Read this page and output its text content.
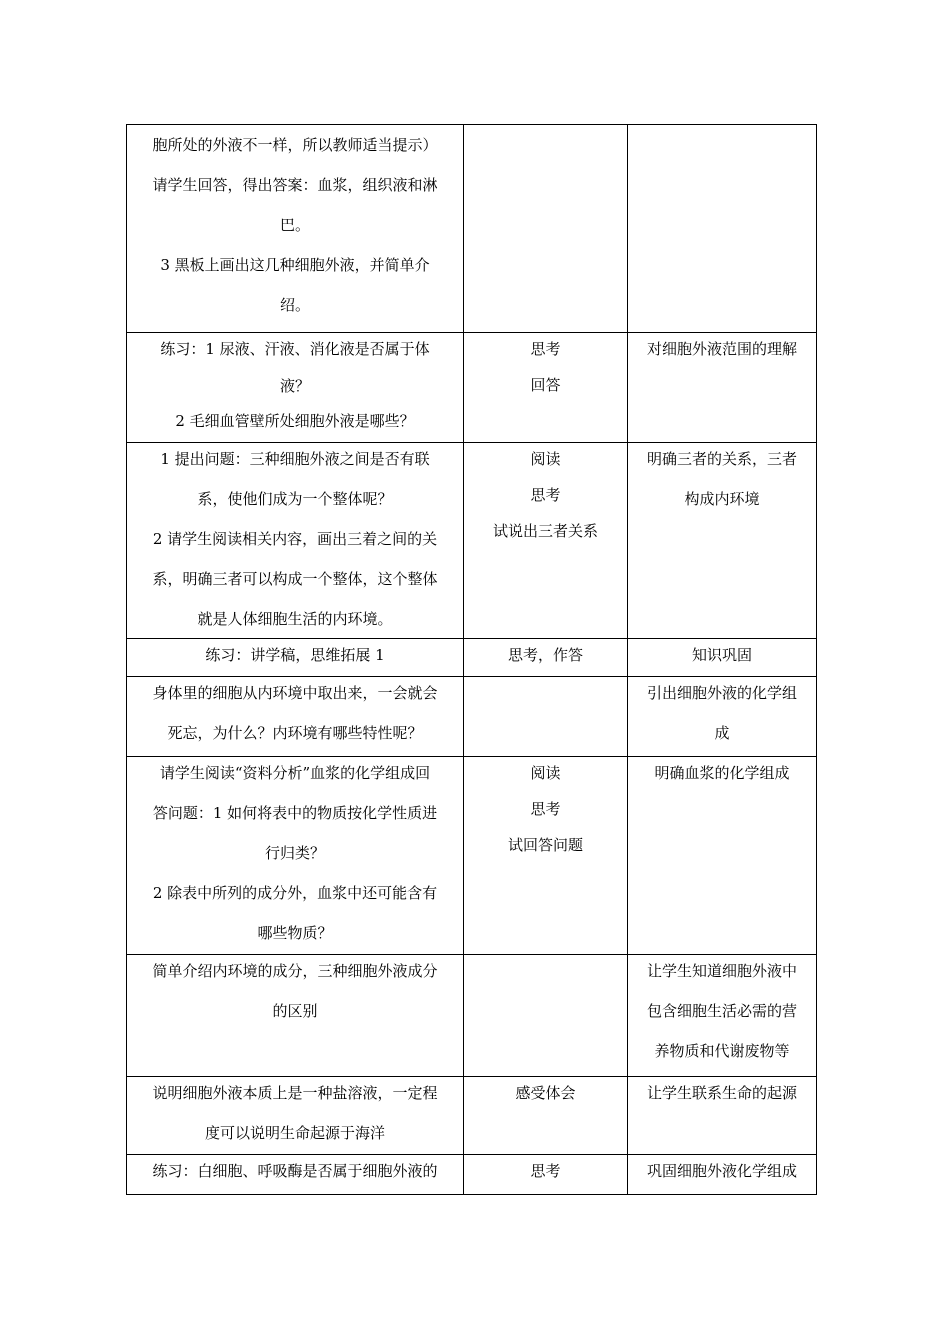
胞所处的外液不一样，所以教师适当提示）
请学生回答，得出答案：血浆，组织液和淋
巴。
3 黑板上画出这几种细胞外液，并简单介
绍。		

练习：1 尿液、汗液、消化液是否属于体
液？
2 毛细血管壁所处细胞外液是哪些？	思考
回答	对细胞外液范围的理解

1 提出问题：三种细胞外液之间是否有联
系，使他们成为一个整体呢？
2 请学生阅读相关内容，画出三着之间的关
系，明确三者可以构成一个整体，这个整体
就是人体细胞生活的内环境。	阅读
思考
试说出三者关系	明确三者的关系，三者
构成内环境

练习：讲学稿，思维拓展 1	思考，作答	知识巩固

身体里的细胞从内环境中取出来，一会就会
死忘，为什么？内环境有哪些特性呢？		引出细胞外液的化学组
成

请学生阅读“资料分析”血浆的化学组成回
答问题：1 如何将表中的物质按化学性质进
行归类？
2 除表中所列的成分外，血浆中还可能含有
哪些物质？	阅读
思考
试回答问题	明确血浆的化学组成

简单介绍内环境的成分，三种细胞外液成分
的区别		让学生知道细胞外液中
包含细胞生活必需的营
养物质和代谢废物等

说明细胞外液本质上是一种盐溶液，一定程
度可以说明生命起源于海洋	感受体会	让学生联系生命的起源

练习：白细胞、呼吸酶是否属于细胞外液的	思考	巩固细胞外液化学组成
